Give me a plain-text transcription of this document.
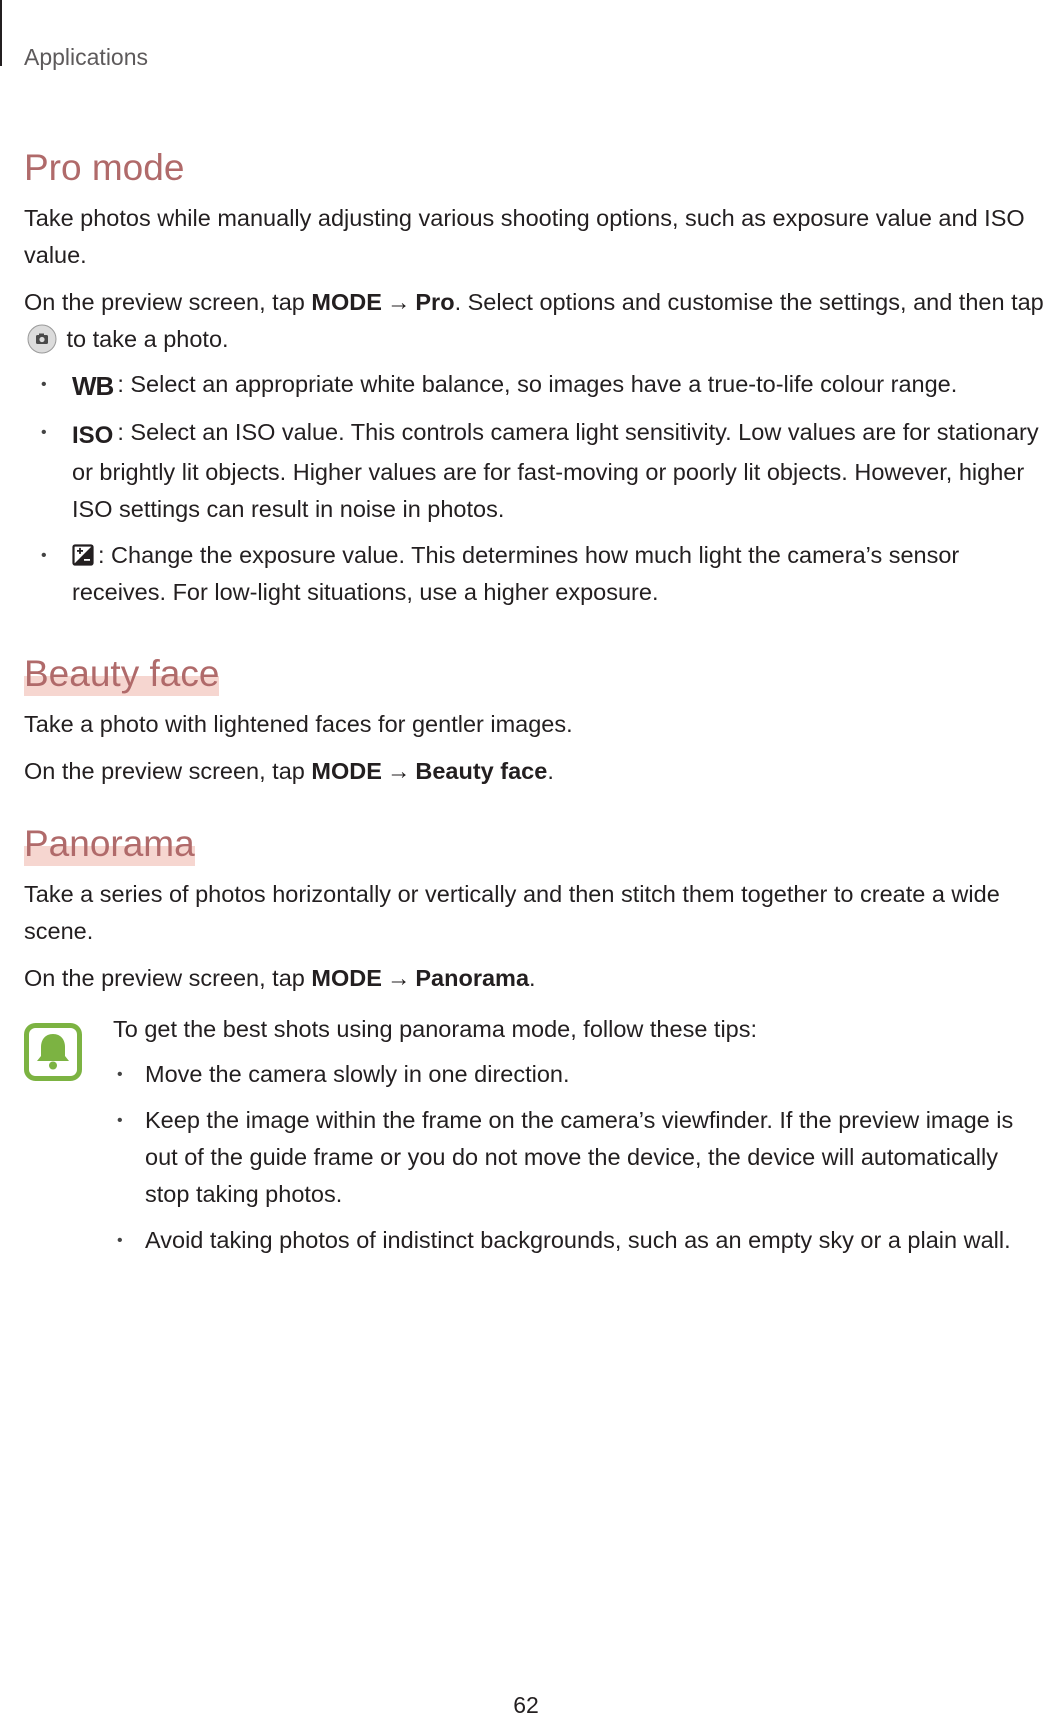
Applications
Pro mode

Take photos while manually adjusting various shooting options, such as exposure value and ISO value.

On the preview screen, tap MODE → Pro. Select options and customise the settings, and then tap  to take a photo.

• WB : Select an appropriate white balance, so images have a true-to-life colour range.
• ISO : Select an ISO value. This controls camera light sensitivity. Low values are for stationary or brightly lit objects. Higher values are for fast-moving or poorly lit objects. However, higher ISO settings can result in noise in photos.
• : Change the exposure value. This determines how much light the camera’s sensor receives. For low-light situations, use a higher exposure.
Beauty face

Take a photo with lightened faces for gentler images.

On the preview screen, tap MODE → Beauty face.

Panorama

Take a series of photos horizontally or vertically and then stitch them together to create a wide scene.

On the preview screen, tap MODE → Panorama.

To get the best shots using panorama mode, follow these tips:

• Move the camera slowly in one direction.
• Keep the image within the frame on the camera’s viewfinder. If the preview image is out of the guide frame or you do not move the device, the device will automatically stop taking photos.
• Avoid taking photos of indistinct backgrounds, such as an empty sky or a plain wall.
62
